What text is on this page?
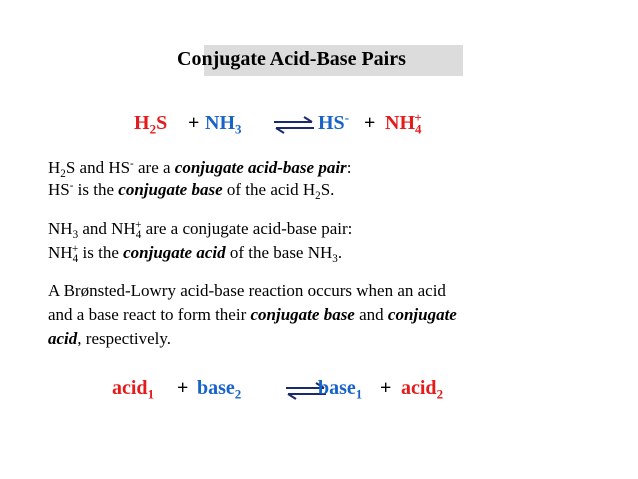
Conjugate Acid-Base Pairs
$H_2S + NH_3$ ⇌ $HS^- + NH_4^+$
$H_2S$ and HS- are a conjugate acid-base pair:
HS- is the conjugate base of the acid $H_2S$.
$NH_3$ and $NH_4^+$ are a conjugate acid-base pair:
$NH_4^+$ is the conjugate acid of the base $NH_3$.
A Brønsted-Lowry acid-base reaction occurs when an acid
and a base react to form their conjugate base and conjugate
acid, respectively.
acid$_1$ + base$_2$	base$_1$ + acid$_2$
